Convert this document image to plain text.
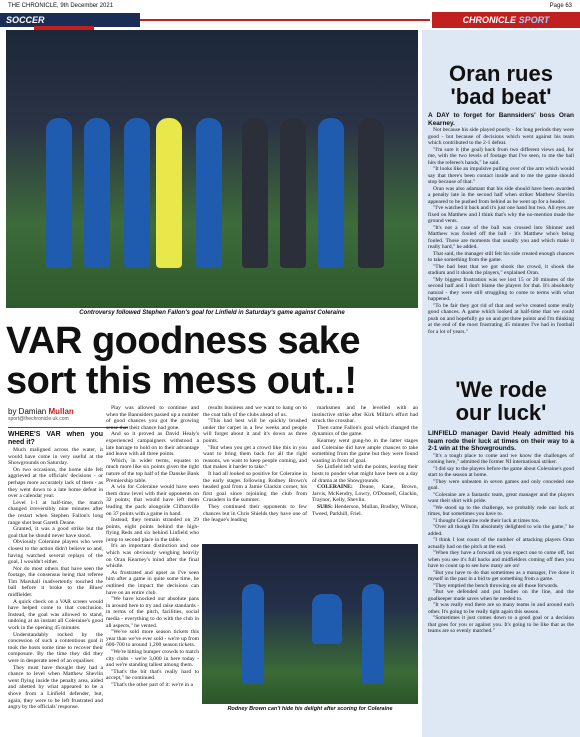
THE CHRONICLE, 9th December 2021	Page 63
SOCCER	CHRONICLE SPORT
Controversy followed Stephen Fallon's goal for Linfield in Saturday's game against Coleraine
VAR goodness sake
sort this mess out..!
by Damian Mullan
sport@thechronicle.uk.com

WHERE'S VAR when you need it?

Much maligned across the water, it would have come in very useful at the Showgrounds on Saturday.

On two occasions, the home side felt aggrieved at the officials' decisions - or perhaps more accurately lack of them - as they went down to a late home defeat in over a calendar year.

Level 1-1 at half-time, the match changed irreversibly nine minutes after the restart when Stephen Fallon's long range shot beat Gareth Deane.

Granted, it was a good strike but the goal that he should never have stood.

Obviously Coleraine players who were closest to the action didn't believe so and, having watched several replays of the goal, I wouldn't either.

Nor do most others that have seen the footage, the consensus being that referee Tim Marshall inadvertently touched the ball before it broke to the Blues' midfielder.

A quick check on a VAR screen would have helped come to that conclusion. Instead, the goal was allowed to stand, undoing at an instant all Coleraine's good work in the opening 45 minutes.

Understandably rocked by the concession of such a contentious goal it took the hosts some time to recover their composure. By the time they did they were in desperate need of an equaliser.

They must have thought they had a chance to level when Matthew Shevlin went flying inside the penalty area, aided and abetted by what appeared to be a shove from a Linfield defender, but, again, they were to be left frustrated and angry by the officials' response.

Play was allowed to continue and when the Bannsiders passed up a number of good chances you got the growing sense that their chance had gone.

And so it proved as David Healy's experienced campaigners withstood a late barrage to hold on to their advantage and leave with all three points.

Which, in wider terms, equates to much more like six points given the tight nature of the top half of the Danske Bank Premiership table.

A win for Coleraine would have seen them draw level with their opponents on 32 points; that would have left them leading the pack alongside Cliftonville on 37 points with a game in hand.

Instead, they remain stranded on 29 points, eight points behind the high-flying Reds and six behind Linfield who jump to second place in the table.

It's an important distinction and one which was obviously weighing heavily on Oran Kearney's mind after the final whistle.

As frustrated and upset as I've seen him after a game in quite some time, he outlined the impact the decisions can have on an entire club.

"We have knocked our absolute pans in around here to try and raise standards - in terms of the pitch, facilities, social media - everything to do with the club in all aspects," he vented.

"We've sold more season tickets this year than we've ever sold - we're up from 600-700 to around 1,200 season tickets.

"We're hitting bumper crowds to match city clubs - we're 3,000 in here today - and we're standing tallest among them.

"That's the bit that's really hard to accept," he continued.

"That's the other part of it: we're in a

results business and we want to hang on to the coat tails of the clubs ahead of us.

"This had best will be quickly brushed under the carpet in a few weeks and people will forget about it and it's down as three points.

"But when you get a crowd like this in you want to bring them back for all the right reasons, we want to keep people coming, and that makes it harder to take."

It had all looked so positive for Coleraine in the early stages following Rodney Brown's headed goal from a Jamie Glackin corner, his first goal since rejoining the club from Crusaders in the summer.

They continued their opponents to few chances but in Chris Shields they have one of the league's leading

marksmen and he levelled with an instinctive strike after Kirk Millar's effort had struck the crossbar.

Then came Fallon's goal which changed the dynamics of the game.

Kearney went gung-ho in the latter stages and Coleraine did have ample chances to take something from the game but they were found wanting in front of goal.

So Linfield left with the points, leaving their hosts to ponder what might have been on a day of drama at the Showgrounds.

COLERAINE: Deane, Kane, Brown, Jarvis, McKendry, Lowry, O'Donnell, Glackin, Traynor, Kelly, Shevlin.

SUBS: Henderson, Mullan, Bradley, Wilson, Tweed, Parkhill, Friel.

Rodney Brown can't hide his delight after scoring for Coleraine
Oran rues
'bad beat'

A DAY to forget for Bannsiders' boss Oran Kearney.

Not because his side played poorly - for long periods they were good - but because of decisions which went against his team which contributed to the 2-1 defeat.

"I'm sure it (the goal) back from two different views and, for me, with the two levels of footage that I've seen, to me the ball hits the referee's hands," he said.

"It looks like an impulsive pulling over of the arm which would say that there's been contact inside and to me the game should stop because of that."

Oran was also adamant that his side should have been awarded a penalty late in the second half when striker Matthew Shevlin appeared to be pushed from behind as he went up for a header.

"I've watched it back and it's just one hand but two. All eyes are fixed on Matthew and I think that's why the no-mention made the ground vents.

"It's not a case of the ball was crossed into Shinner and Matthew was fouled off the ball - it's Matthew who's being fouled. Those are moments that usually you and which make it really hard," he added.

That said, the manager still felt his side created enough chances to take something from the game.

"The bad beat that we got shook the crowd, it shook the stadium and it shook the players," explained Oran.

"My biggest frustration was we lost 15 or 20 minutes of the second half and I don't blame the players for that. It's absolutely natural - they were still struggling to come to terms with what happened.

"To be fair they got rid of that and we've created some really good chances. A game which looked at half-time that we could push on and hopefully go on and get three points and I'm thinking at the end of the most frustrating 45 minutes I've had in football for a lot of years."

'We rode
our luck'

LINFIELD manager David Healy admitted his team rode their luck at times on their way to a 2-1 win at the Showgrounds.

"It's a tough place to come and we know the challenges of coming here," admitted the former NI international striker.

"I did say to the players before the game about Coleraine's good start to the season at home.

"They were unbeaten in seven games and only conceded one goal.

"Coleraine are a fantastic team, great manager and the players want their shirt with pride.

"We stood up to the challenge, we probably rode our luck at times, but sometimes you have to.

"I thought Coleraine rode their luck at times too.

"Over all though I'm absolutely delighted to win the game," he added.

"I think I lost count of the number of attacking players Oran actually had on the pitch at the end.

"When they have a forward on you expect one to come off, but when you see it's full backs and midfielders coming off then you have to count up to see how many are on!

"But you have to do that sometimes as a manager, I've done it myself in the past in a bid to get something from a game.

"They emptied the bench throwing on all those forwards.

"But we defended and put bodies on the line, and the goalkeeper made saves when he needed to.

"It was really end there are so many teams in and around each other. It's going to be really tight again this season.

"Sometimes it just comes down to a good goal or a decision that goes for you or against you. It's going to be like that as the teams are so evenly matched."
